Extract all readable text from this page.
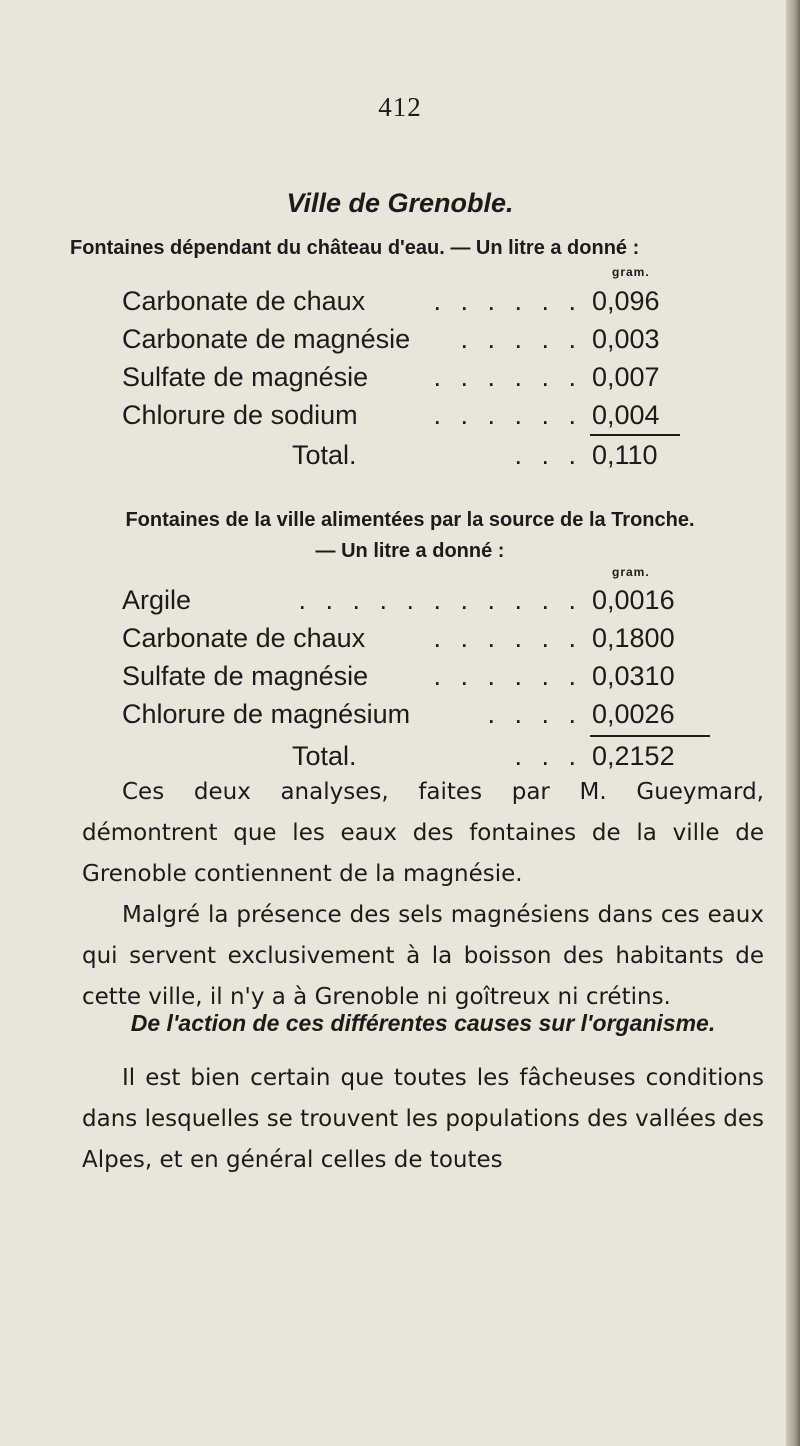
412
Ville de Grenoble.
Fontaines dépendant du château d'eau. — Un litre a donné :
gram.
Carbonate de chaux	. . . . . . 0,096
Carbonate de magnésie	. . . . . 0,003
Sulfate de magnésie	. . . . . . 0,007
Chlorure de sodium	. . . . . . 0,004
Total.	. . . 0,110
Fontaines de la ville alimentées par la source de la Tronche.
— Un litre a donné :
gram.
Argile	. . . . . . . . . . . 0,0016
Carbonate de chaux	. . . . . . 0,1800
Sulfate de magnésie	. . . . . . 0,0310
Chlorure de magnésium	. . . . 0,0026
Total.	. . . 0,2152

Ces deux analyses, faites par M. Gueymard, démontrent que les eaux des fontaines de la ville de Grenoble contiennent de la magnésie.

Malgré la présence des sels magnésiens dans ces eaux qui servent exclusivement à la boisson des habitants de cette ville, il n'y a à Grenoble ni goîtreux ni crétins.

De l'action de ces différentes causes sur l'organisme.

Il est bien certain que toutes les fâcheuses conditions dans lesquelles se trouvent les populations des vallées des Alpes, et en général celles de toutes
